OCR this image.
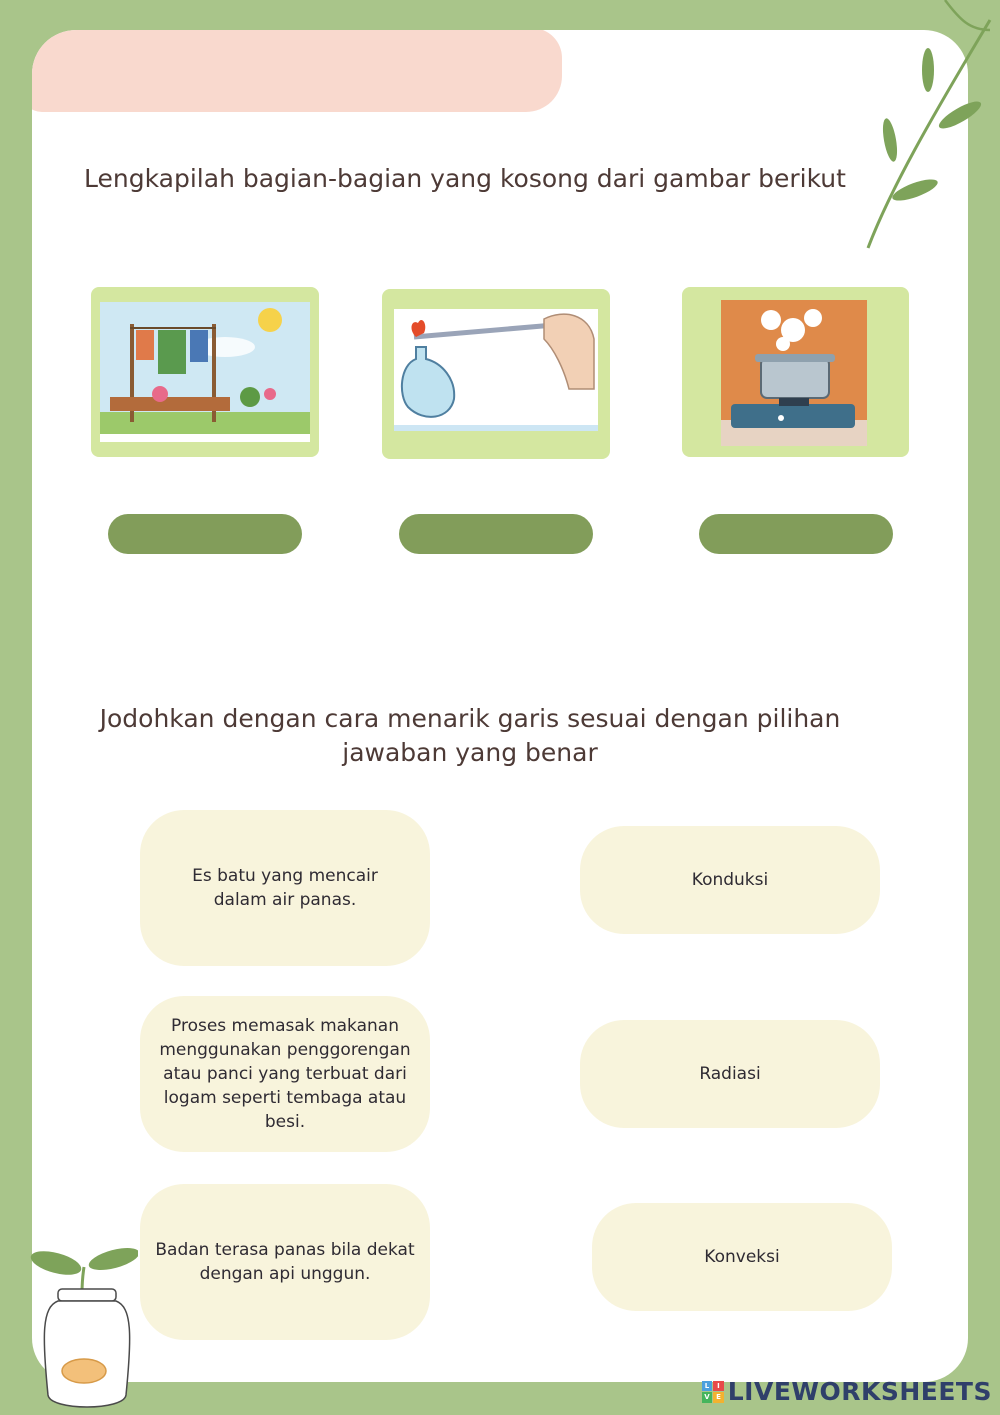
Lengkapilah bagian-bagian yang kosong dari gambar berikut

Jodohkan dengan cara menarik garis sesuai dengan pilihan jawaban yang benar

Es batu yang mencair
dalam air panas.
Proses memasak makanan menggunakan penggorengan atau panci yang terbuat dari logam seperti tembaga atau besi.
Badan terasa panas bila dekat dengan api unggun.
Konduksi
Radiasi
Konveksi
L	I
V E LIVEWORKSHEETS
